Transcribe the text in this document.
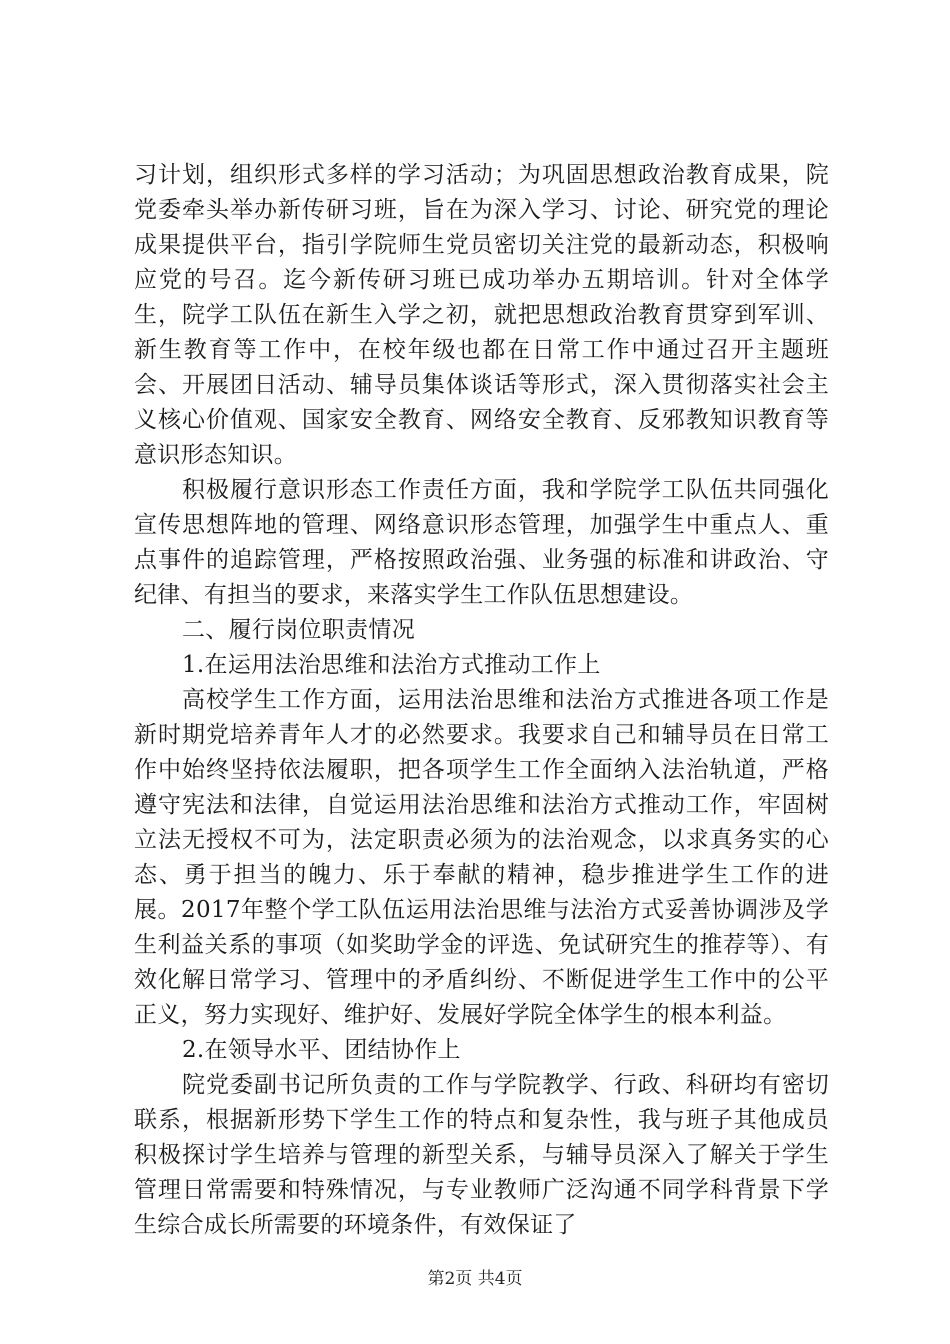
习计划，组织形式多样的学习活动；为巩固思想政治教育成果，院党委牵头举办新传研习班，旨在为深入学习、讨论、研究党的理论成果提供平台，指引学院师生党员密切关注党的最新动态，积极响应党的号召。迄今新传研习班已成功举办五期培训。针对全体学生，院学工队伍在新生入学之初，就把思想政治教育贯穿到军训、新生教育等工作中，在校年级也都在日常工作中通过召开主题班会、开展团日活动、辅导员集体谈话等形式，深入贯彻落实社会主义核心价值观、国家安全教育、网络安全教育、反邪教知识教育等意识形态知识。

积极履行意识形态工作责任方面，我和学院学工队伍共同强化宣传思想阵地的管理、网络意识形态管理，加强学生中重点人、重点事件的追踪管理，严格按照政治强、业务强的标准和讲政治、守纪律、有担当的要求，来落实学生工作队伍思想建设。

二、履行岗位职责情况

1.在运用法治思维和法治方式推动工作上

高校学生工作方面，运用法治思维和法治方式推进各项工作是新时期党培养青年人才的必然要求。我要求自己和辅导员在日常工作中始终坚持依法履职，把各项学生工作全面纳入法治轨道，严格遵守宪法和法律，自觉运用法治思维和法治方式推动工作，牢固树立法无授权不可为，法定职责必须为的法治观念，以求真务实的心态、勇于担当的魄力、乐于奉献的精神，稳步推进学生工作的进展。2017年整个学工队伍运用法治思维与法治方式妥善协调涉及学生利益关系的事项（如奖助学金的评选、免试研究生的推荐等）、有效化解日常学习、管理中的矛盾纠纷、不断促进学生工作中的公平正义，努力实现好、维护好、发展好学院全体学生的根本利益。

2.在领导水平、团结协作上

院党委副书记所负责的工作与学院教学、行政、科研均有密切联系，根据新形势下学生工作的特点和复杂性，我与班子其他成员积极探讨学生培养与管理的新型关系，与辅导员深入了解关于学生管理日常需要和特殊情况，与专业教师广泛沟通不同学科背景下学生综合成长所需要的环境条件，有效保证了

第2页 共4页
